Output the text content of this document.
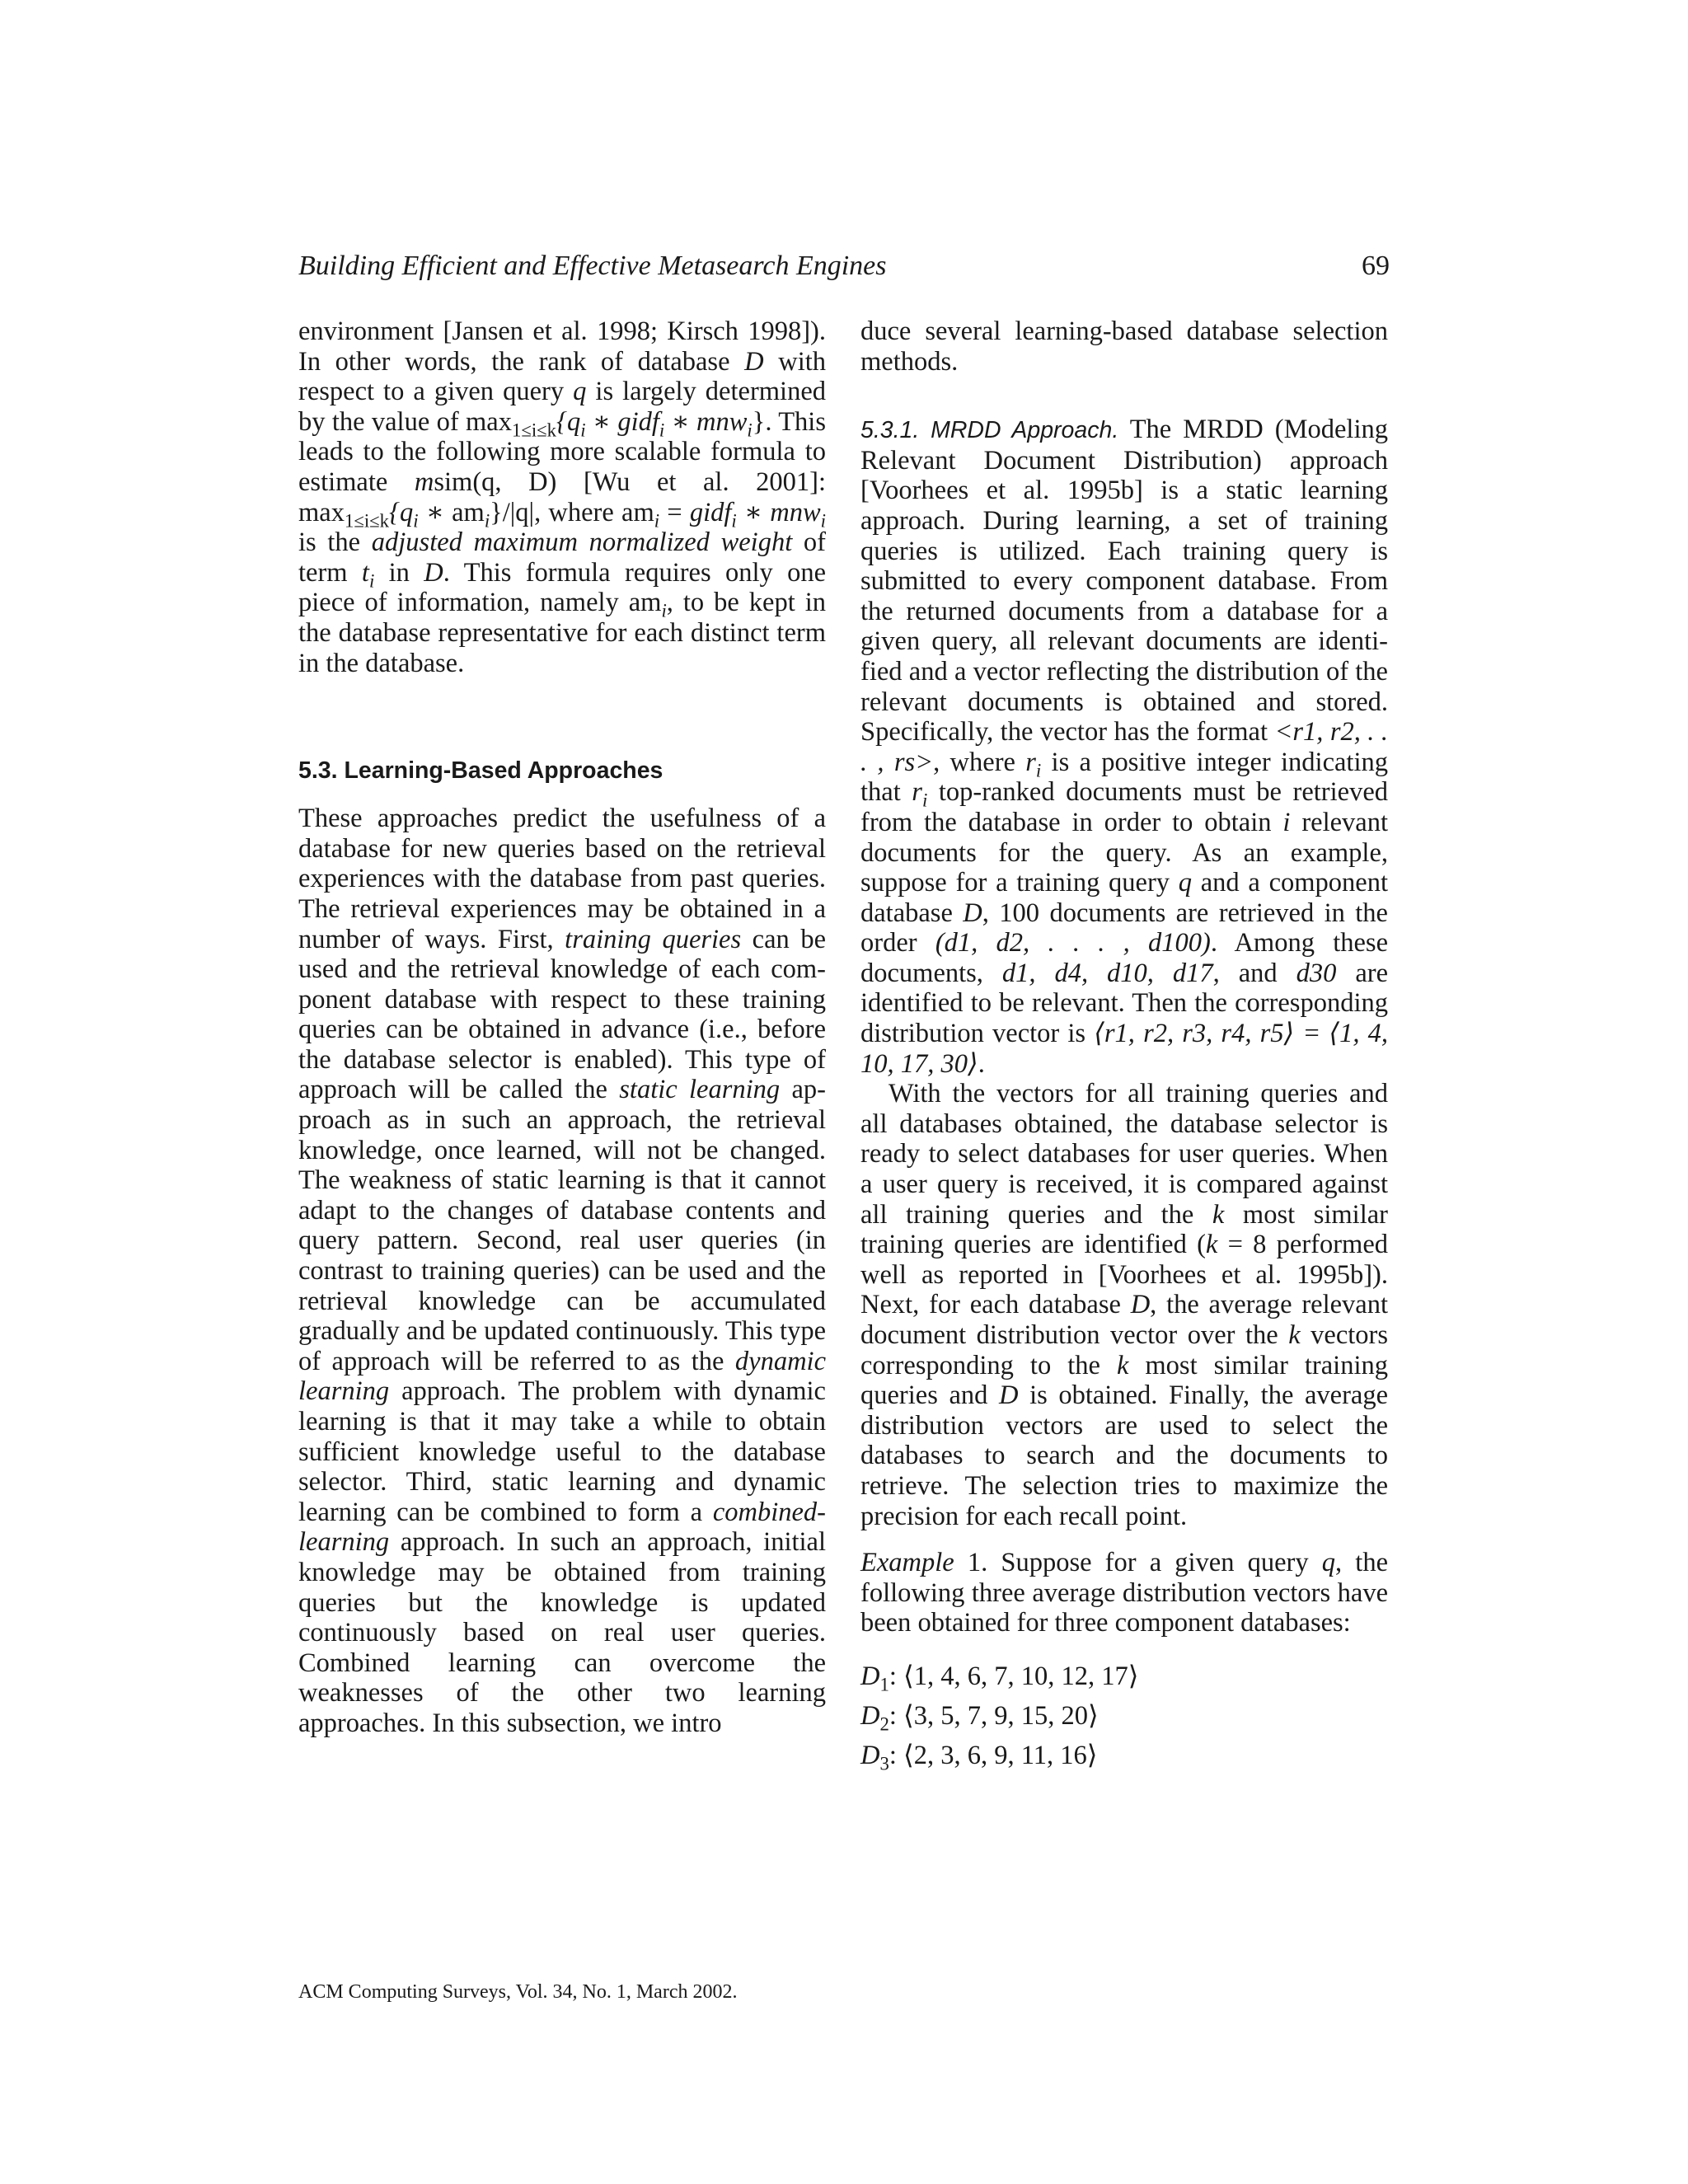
Building Efficient and Effective Metasearch Engines	69

environment [Jansen et al. 1998; Kirsch 1998]). In other words, the rank of database D with respect to a given query q is largely determined by the value of $\max_{1\le i\le k}\{q_i$ ∗ gidf$_i$ ∗ mnw$_i$}. This leads to the following more scalable formula to estimate msim(q, D) [Wu et al. 2001]: $\max_{1\le i\le k}\{q_i$ ∗ $am_i\}/|q|$, where $am_i$ = gidf$_i$ ∗ mnw$_i$ is the adjusted maximum normalized weight of term $t_i$ in D. This formula requires only one piece of information, namely $am_i$, to be kept in the database representative for each distinct term in the database.

5.3. Learning-Based Approaches

These approaches predict the usefulness of a database for new queries based on the retrieval experiences with the database from past queries. The retrieval experiences may be obtained in a number of ways. First, training queries can be used and the retrieval knowledge of each component database with respect to these training queries can be obtained in advance (i.e., before the database selector is enabled). This type of approach will be called the static learning approach as in such an approach, the retrieval knowledge, once learned, will not be changed. The weakness of static learning is that it cannot adapt to the changes of database contents and query pattern. Second, real user queries (in contrast to training queries) can be used and the retrieval knowledge can be accumulated gradually and be updated continuously. This type of approach will be referred to as the dynamic learning approach. The problem with dynamic learning is that it may take a while to obtain sufficient knowledge useful to the database selector. Third, static learning and dynamic learning can be combined to form a combined-learning approach. In such an approach, initial knowledge may be obtained from training queries but the knowledge is updated continuously based on real user queries. Combined learning can overcome the weaknesses of the other two learning approaches. In this subsection, we intro

duce several learning-based database selection methods.

5.3.1. MRDD Approach. The MRDD (Modeling Relevant Document Distribution) approach [Voorhees et al. 1995b] is a static learning approach. During learning, a set of training queries is utilized. Each training query is submitted to every component database. From the returned documents from a database for a given query, all relevant documents are identified and a vector reflecting the distribution of the relevant documents is obtained and stored. Specifically, the vector has the format <r1, r2, . . . , rs>, where $r_i$ is a positive integer indicating that $r_i$ top-ranked documents must be retrieved from the database in order to obtain i relevant documents for the query. As an example, suppose for a training query q and a component database D, 100 documents are retrieved in the order (d1, d2, . . . , d100). Among these documents, d1, d4, d10, d17, and d30 are identified to be relevant. Then the corresponding distribution vector is ⟨r1, r2, r3, r4, r5⟩ = ⟨1, 4, 10, 17, 30⟩.

With the vectors for all training queries and all databases obtained, the database selector is ready to select databases for user queries. When a user query is received, it is compared against all training queries and the k most similar training queries are identified (k = 8 performed well as reported in [Voorhees et al. 1995b]). Next, for each database D, the average relevant document distribution vector over the k vectors corresponding to the k most similar training queries and D is obtained. Finally, the average distribution vectors are used to select the databases to search and the documents to retrieve. The selection tries to maximize the precision for each recall point.

Example 1. Suppose for a given query q, the following three average distribution vectors have been obtained for three component databases:

$D_1$: ⟨1, 4, 6, 7, 10, 12, 17⟩

$D_2$: ⟨3, 5, 7, 9, 15, 20⟩

$D_3$: ⟨2, 3, 6, 9, 11, 16⟩

ACM Computing Surveys, Vol. 34, No. 1, March 2002.
